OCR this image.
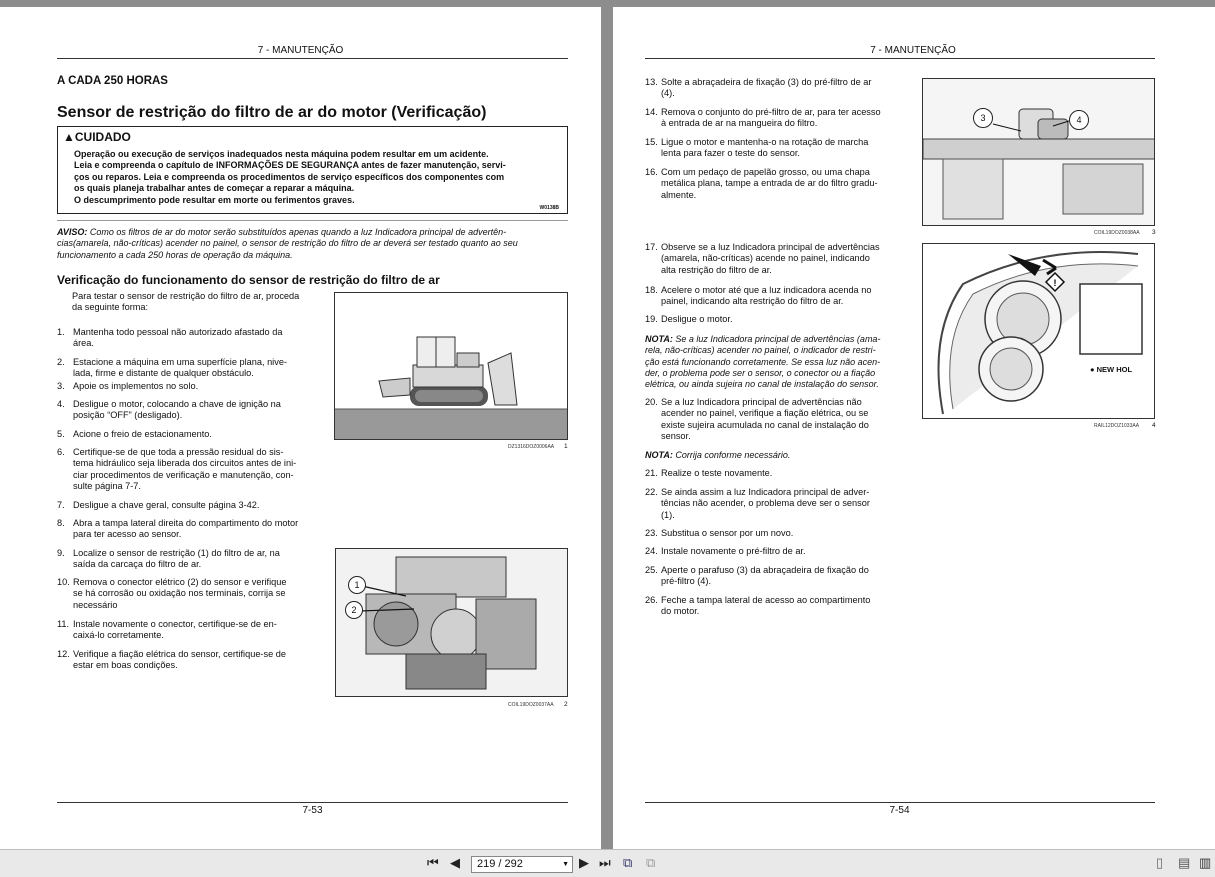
7 - MANUTENÇÃO
A CADA 250 HORAS
Sensor de restrição do filtro de ar do motor (Verificação)
▲CUIDADO
Operação ou execução de serviços inadequados nesta máquina podem resultar em um acidente.
Leia e compreenda o capítulo de INFORMAÇÕES DE SEGURANÇA antes de fazer manutenção, servi-
ços ou reparos. Leia e compreenda os procedimentos de serviço específicos dos componentes com
os quais planeja trabalhar antes de começar a reparar a máquina.
O descumprimento pode resultar em morte ou ferimentos graves.
W0138B
AVISO: Como os filtros de ar do motor serão substituídos apenas quando a luz Indicadora principal de advertên-
cias(amarela, não-críticas) acender no painel, o sensor de restrição do filtro de ar deverá ser testado quanto ao seu
funcionamento a cada 250 horas de operação da máquina.
Verificação do funcionamento do sensor de restrição do filtro de ar
Para testar o sensor de restrição do filtro de ar, proceda
da seguinte forma:
1. Mantenha todo pessoal não autorizado afastado da
área.
2. Estacione a máquina em uma superfície plana, nive-
lada, firme e distante de qualquer obstáculo.
3. Apoie os implementos no solo.
4. Desligue o motor, colocando a chave de ignição na
posição “OFF” (desligado).
5. Acione o freio de estacionamento.
6. Certifique-se de que toda a pressão residual do sis-
tema hidráulico seja liberada dos circuitos antes de ini-
ciar procedimentos de verificação e manutenção, con-
sulte página 7-7.
7. Desligue a chave geral, consulte página 3-42.
8. Abra a tampa lateral direita do compartimento do motor
para ter acesso ao sensor.
9. Localize o sensor de restrição (1) do filtro de ar, na
saída da carcaça do filtro de ar.
10. Remova o conector elétrico (2) do sensor e verifique
se há corrosão ou oxidação nos terminais, corrija se
necessário
11. Instale novamente o conector, certifique-se de en-
caixá-lo corretamente.
12. Verifique a fiação elétrica do sensor, certifique-se de
estar em boas condições.
DZ1316DOZ0006AA 1
1
2
COIL19DOZ0037AA 2
7-53
7 - MANUTENÇÃO
13. Solte a abraçadeira de fixação (3) do pré-filtro de ar
(4).
14. Remova o conjunto do pré-filtro de ar, para ter acesso
à entrada de ar na mangueira do filtro.
15. Ligue o motor e mantenha-o na rotação de marcha
lenta para fazer o teste do sensor.
16. Com um pedaço de papelão grosso, ou uma chapa
metálica plana, tampe a entrada de ar do filtro gradu-
almente.
17. Observe se a luz Indicadora principal de advertências
(amarela, não-críticas) acende no painel, indicando
alta restrição do filtro de ar.
18. Acelere o motor até que a luz indicadora acenda no
painel, indicando alta restrição do filtro de ar.
19. Desligue o motor.
20. Se a luz Indicadora principal de advertências não
acender no painel, verifique a fiação elétrica, ou se
existe sujeira acumulada no canal de instalação do
sensor.
21. Realize o teste novamente.
22. Se ainda assim a luz Indicadora principal de adver-
tências não acender, o problema deve ser o sensor
(1).
23. Substitua o sensor por um novo.
24. Instale novamente o pré-filtro de ar.
25. Aperte o parafuso (3) da abraçadeira de fixação do
pré-filtro (4).
26. Feche a tampa lateral de acesso ao compartimento
do motor.
NOTA: Se a luz Indicadora principal de advertências (ama-
rela, não-críticas) acender no painel, o indicador de restri-
ção está funcionando corretamente. Se essa luz não acen-
der, o problema pode ser o sensor, o conector ou a fiação
elétrica, ou ainda sujeira no canal de instalação do sensor.
NOTA: Corrija conforme necessário.
3	4
COIL19DOZ0038AA 3
!
● NEW HOL
RAIL12DOZ1033AA 4
7-54
⏮ ◀	219 / 292	▼ ▶ ⏭ ⧉ ⧉	▯ ▤ ▥
